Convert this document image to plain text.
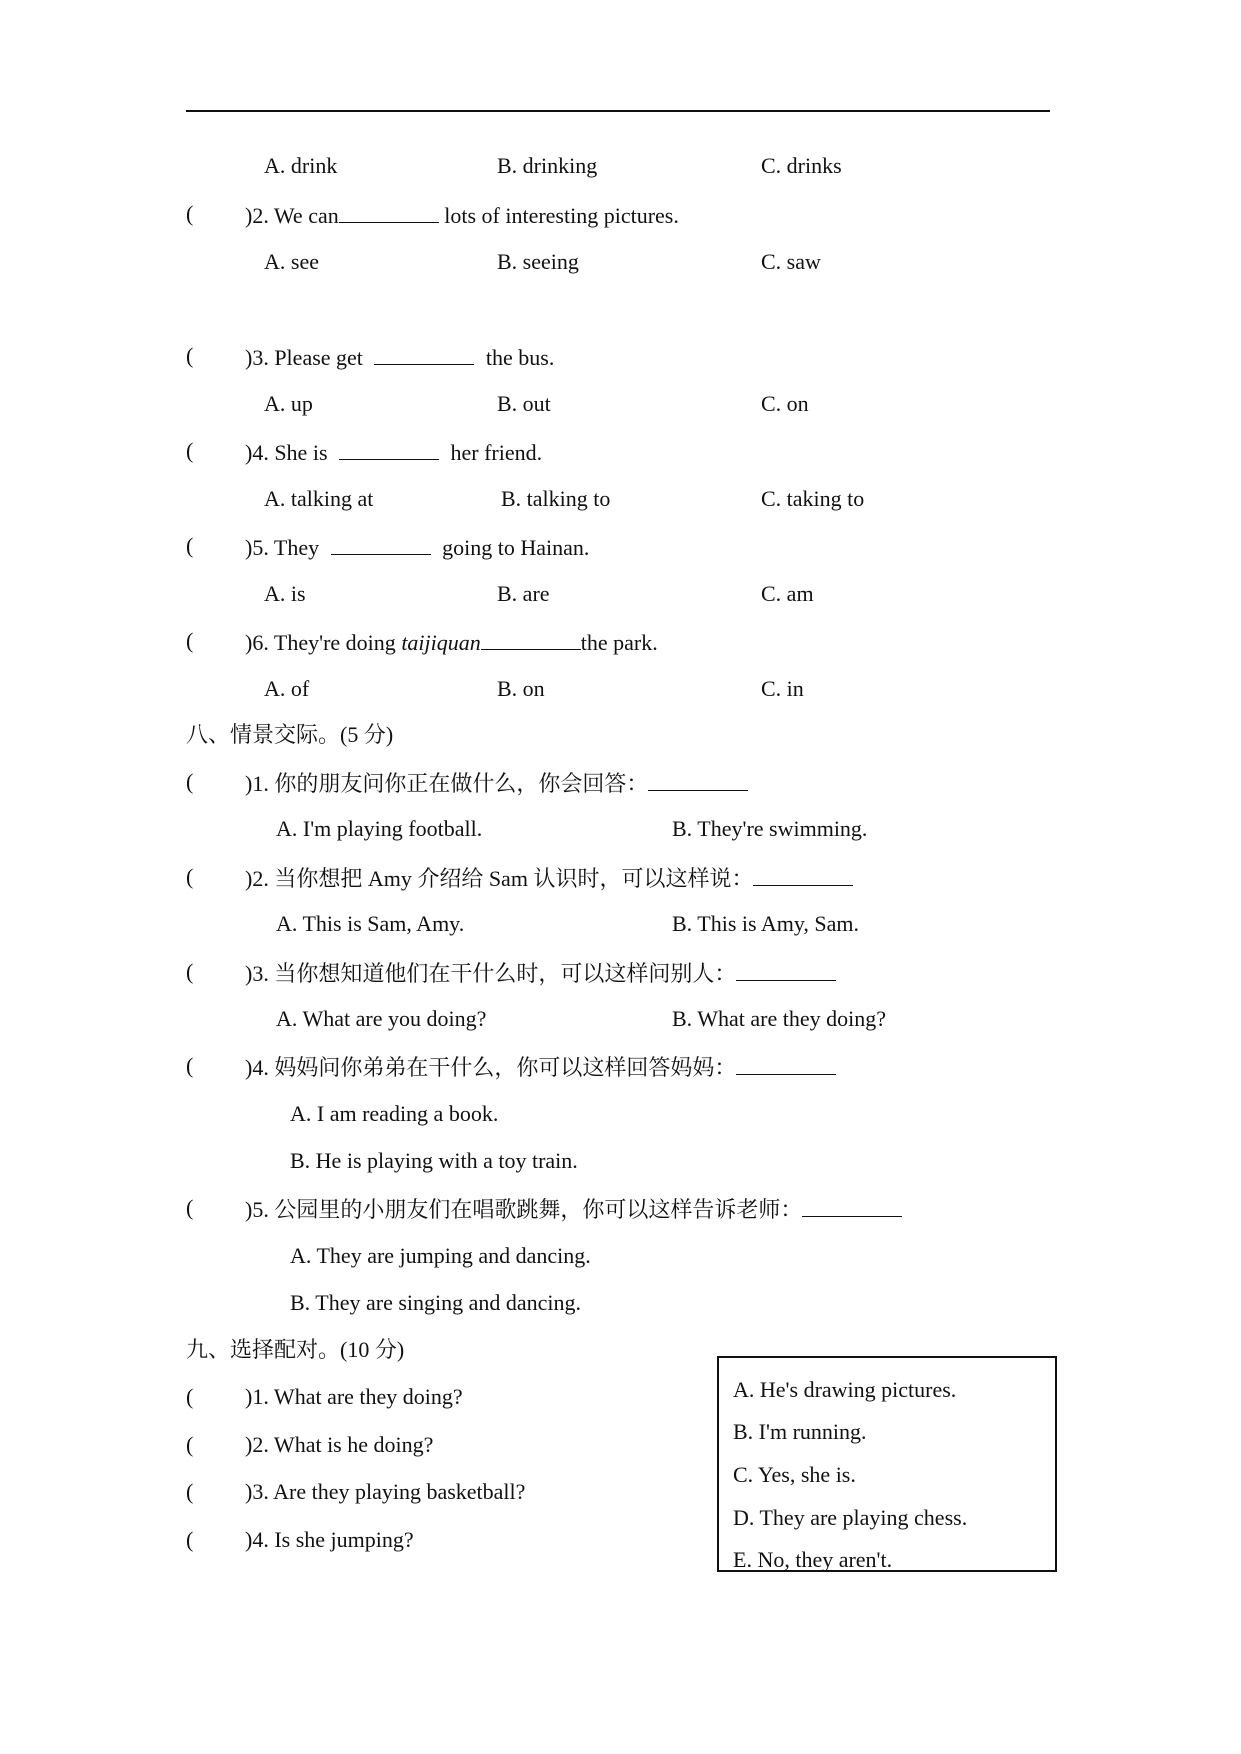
A. drink	B. drinking	C. drinks
( )2. We can	lots of interesting pictures.
A. see	B. seeing	C. saw
( )3. Please get	the bus.
A. up	B. out	C. on
( )4. She is	her friend.
A. talking at	B. talking to	C. taking to
( )5. They	going to Hainan.
A. is	B. are	C. am
( )6. They're doing taijiquan	the park.
A. of	B. on	C. in
八、情景交际。(5 分)
( )1. 你的朋友问你正在做什么，你会回答：
A. I'm playing football.	B. They're swimming.
( )2. 当你想把 Amy 介绍给 Sam 认识时，可以这样说：
A. This is Sam, Amy.	B. This is Amy, Sam.
( )3. 当你想知道他们在干什么时，可以这样问别人：
A. What are you doing?	B. What are they doing?
( )4. 妈妈问你弟弟在干什么，你可以这样回答妈妈：
A. I am reading a book.
B. He is playing with a toy train.
( )5. 公园里的小朋友们在唱歌跳舞，你可以这样告诉老师：
A. They are jumping and dancing.
B. They are singing and dancing.
九、选择配对。(10 分)
( )1. What are they doing?
( )2. What is he doing?
( )3. Are they playing basketball?
( )4. Is she jumping?
A. He's drawing pictures.
B. I'm running.
C. Yes, she is.
D. They are playing chess.
E. No, they aren't.
